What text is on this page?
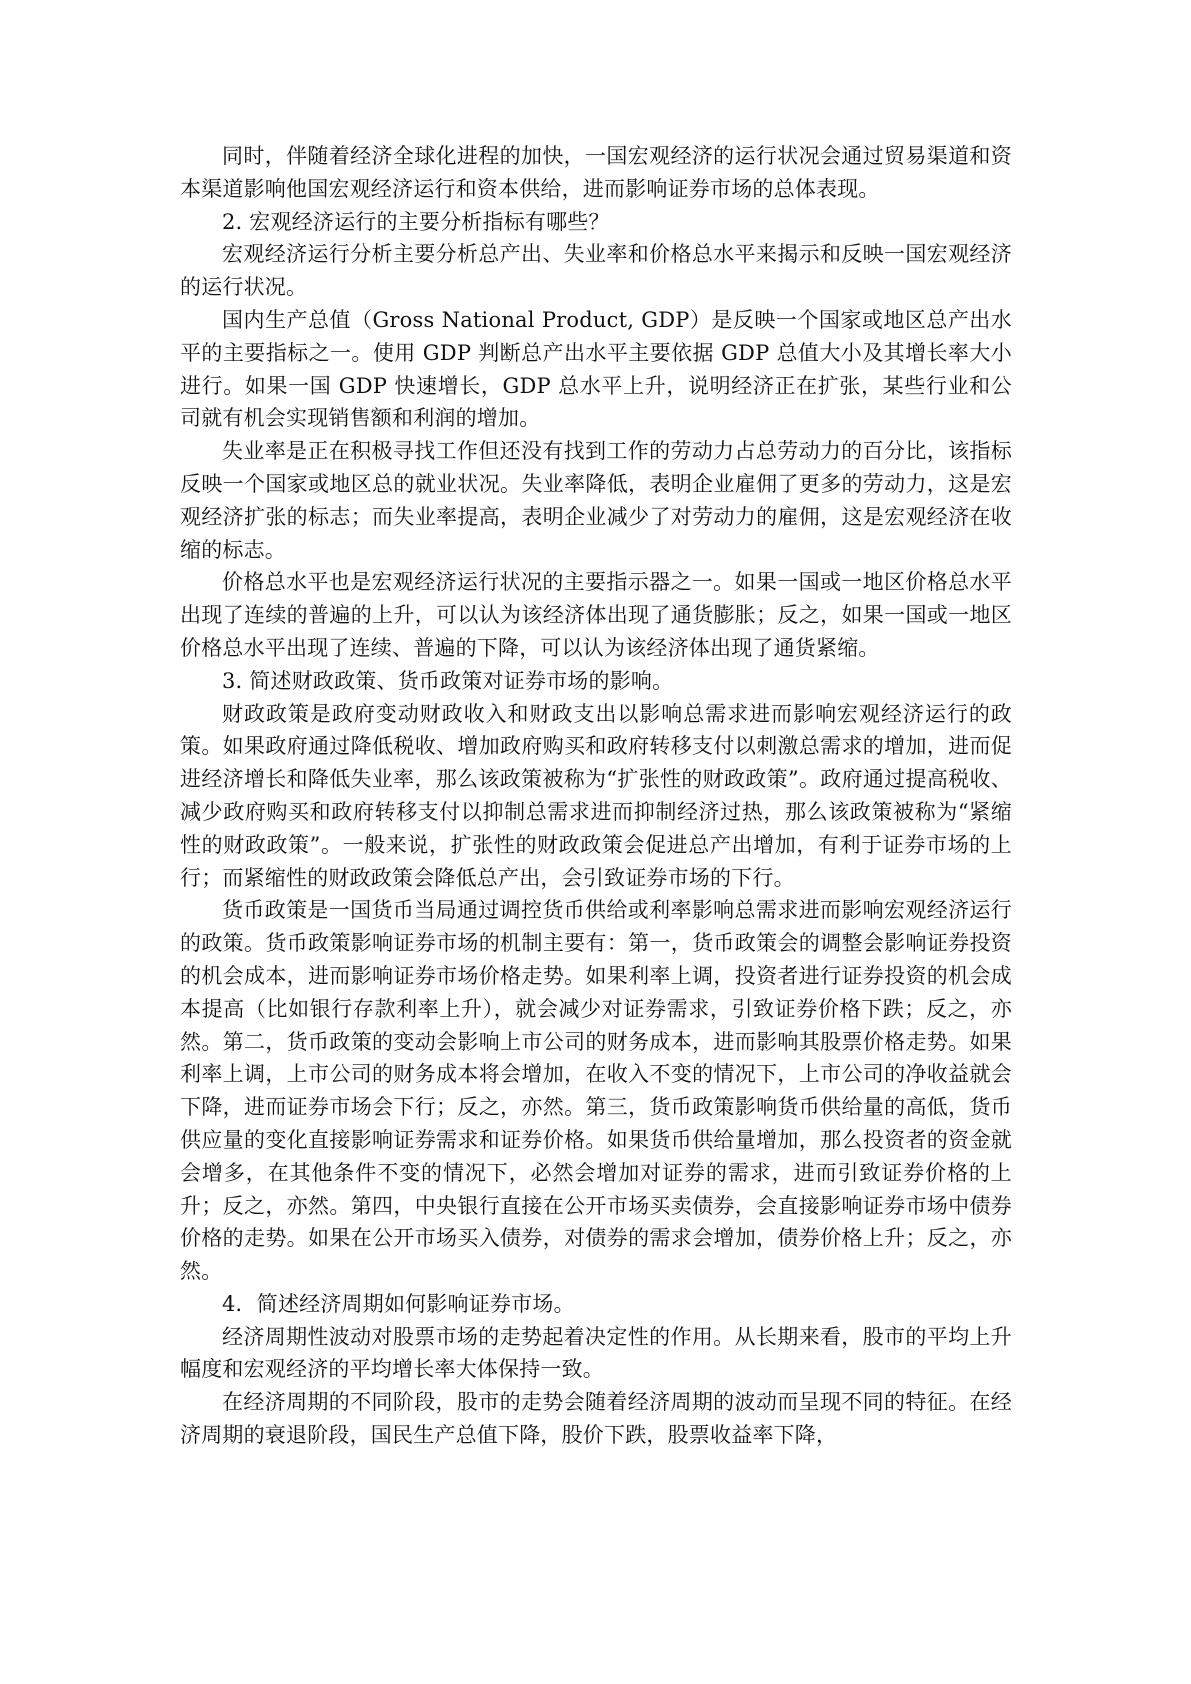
同时，伴随着经济全球化进程的加快，一国宏观经济的运行状况会通过贸易渠道和资本渠道影响他国宏观经济运行和资本供给，进而影响证券市场的总体表现。

2. 宏观经济运行的主要分析指标有哪些？

宏观经济运行分析主要分析总产出、失业率和价格总水平来揭示和反映一国宏观经济的运行状况。

国内生产总值（Gross National Product, GDP）是反映一个国家或地区总产出水平的主要指标之一。使用 GDP 判断总产出水平主要依据 GDP 总值大小及其增长率大小进行。如果一国 GDP 快速增长，GDP 总水平上升，说明经济正在扩张，某些行业和公司就有机会实现销售额和利润的增加。

失业率是正在积极寻找工作但还没有找到工作的劳动力占总劳动力的百分比，该指标反映一个国家或地区总的就业状况。失业率降低，表明企业雇佣了更多的劳动力，这是宏观经济扩张的标志；而失业率提高，表明企业减少了对劳动力的雇佣，这是宏观经济在收缩的标志。

价格总水平也是宏观经济运行状况的主要指示器之一。如果一国或一地区价格总水平出现了连续的普遍的上升，可以认为该经济体出现了通货膨胀；反之，如果一国或一地区价格总水平出现了连续、普遍的下降，可以认为该经济体出现了通货紧缩。

3. 简述财政政策、货币政策对证券市场的影响。

财政政策是政府变动财政收入和财政支出以影响总需求进而影响宏观经济运行的政策。如果政府通过降低税收、增加政府购买和政府转移支付以刺激总需求的增加，进而促进经济增长和降低失业率，那么该政策被称为“扩张性的财政政策”。政府通过提高税收、减少政府购买和政府转移支付以抑制总需求进而抑制经济过热，那么该政策被称为“紧缩性的财政政策”。一般来说，扩张性的财政政策会促进总产出增加，有利于证券市场的上行；而紧缩性的财政政策会降低总产出，会引致证券市场的下行。

货币政策是一国货币当局通过调控货币供给或利率影响总需求进而影响宏观经济运行的政策。货币政策影响证券市场的机制主要有：第一，货币政策会的调整会影响证券投资的机会成本，进而影响证券市场价格走势。如果利率上调，投资者进行证券投资的机会成本提高（比如银行存款利率上升），就会减少对证券需求，引致证券价格下跌；反之，亦然。第二，货币政策的变动会影响上市公司的财务成本，进而影响其股票价格走势。如果利率上调，上市公司的财务成本将会增加，在收入不变的情况下，上市公司的净收益就会下降，进而证券市场会下行；反之，亦然。第三，货币政策影响货币供给量的高低，货币供应量的变化直接影响证券需求和证券价格。如果货币供给量增加，那么投资者的资金就会增多，在其他条件不变的情况下，必然会增加对证券的需求，进而引致证券价格的上升；反之，亦然。第四，中央银行直接在公开市场买卖债券，会直接影响证券市场中债券价格的走势。如果在公开市场买入债券，对债券的需求会增加，债券价格上升；反之，亦然。

4．简述经济周期如何影响证券市场。

经济周期性波动对股票市场的走势起着决定性的作用。从长期来看，股市的平均上升幅度和宏观经济的平均增长率大体保持一致。

在经济周期的不同阶段，股市的走势会随着经济周期的波动而呈现不同的特征。在经济周期的衰退阶段，国民生产总值下降，股价下跌，股票收益率下降，
